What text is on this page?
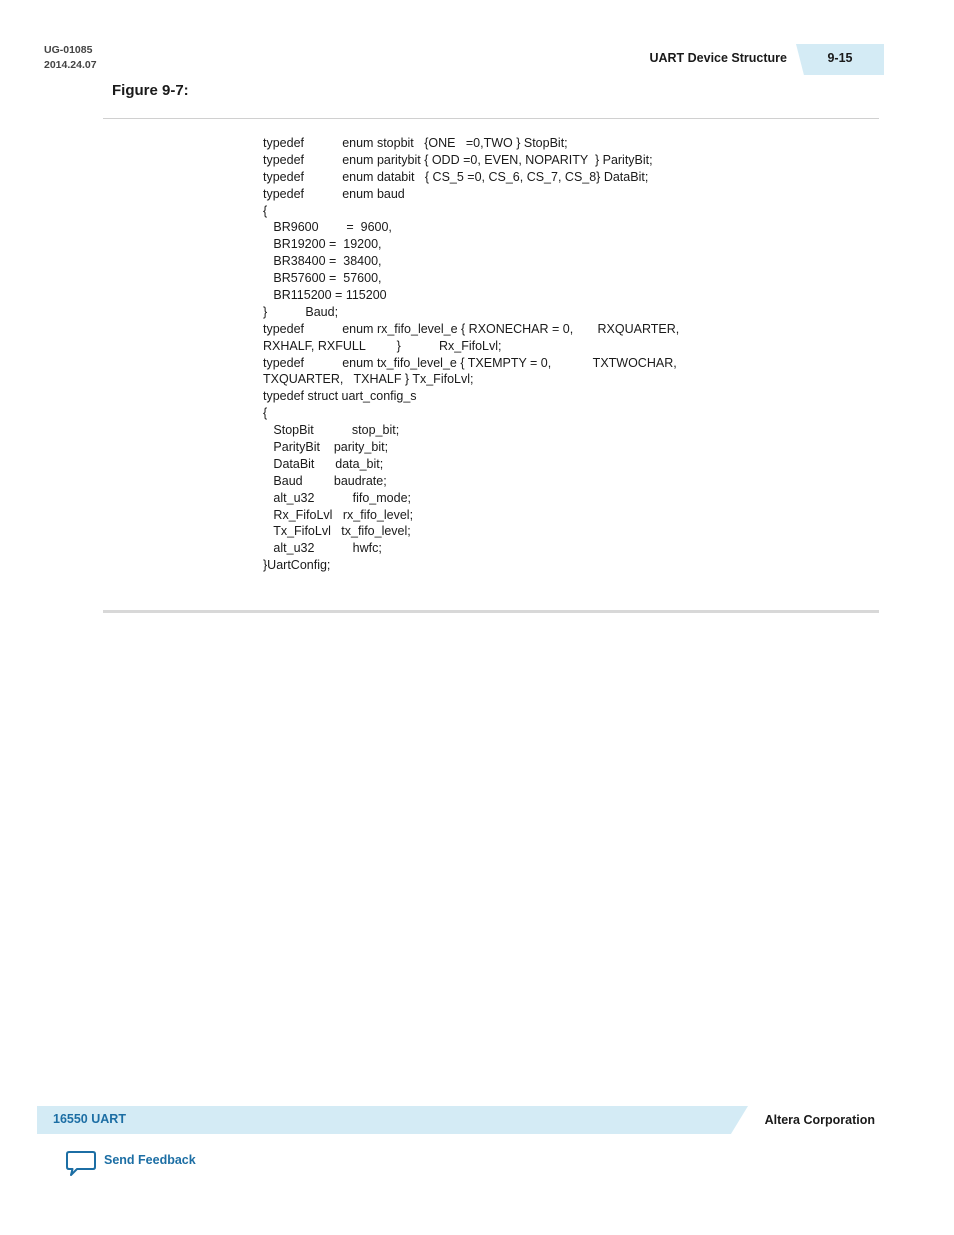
UG-01085
2014.24.07	UART Device Structure	9-15
Figure 9-7:
typedef           enum stopbit   {ONE   =0,TWO } StopBit;
typedef           enum paritybit { ODD =0, EVEN, NOPARITY  } ParityBit;
typedef           enum databit   { CS_5 =0, CS_6, CS_7, CS_8} DataBit;
typedef           enum baud
{
BR9600        =  9600,
BR19200 =  19200,
BR38400 =  38400,
BR57600 =  57600,
BR115200 = 115200
}           Baud;
typedef           enum rx_fifo_level_e { RXONECHAR = 0,       RXQUARTER,
RXHALF, RXFULL         }           Rx_FifoLvl;
typedef           enum tx_fifo_level_e { TXEMPTY = 0,            TXTWOCHAR,
TXQUARTER,   TXHALF } Tx_FifoLvl;
typedef struct uart_config_s
{
StopBit           stop_bit;
ParityBit    parity_bit;
DataBit      data_bit;
Baud         baudrate;
alt_u32           fifo_mode;
Rx_FifoLvl   rx_fifo_level;
Tx_FifoLvl   tx_fifo_level;
alt_u32           hwfc;
}UartConfig;
16550 UART	Altera Corporation
Send Feedback
